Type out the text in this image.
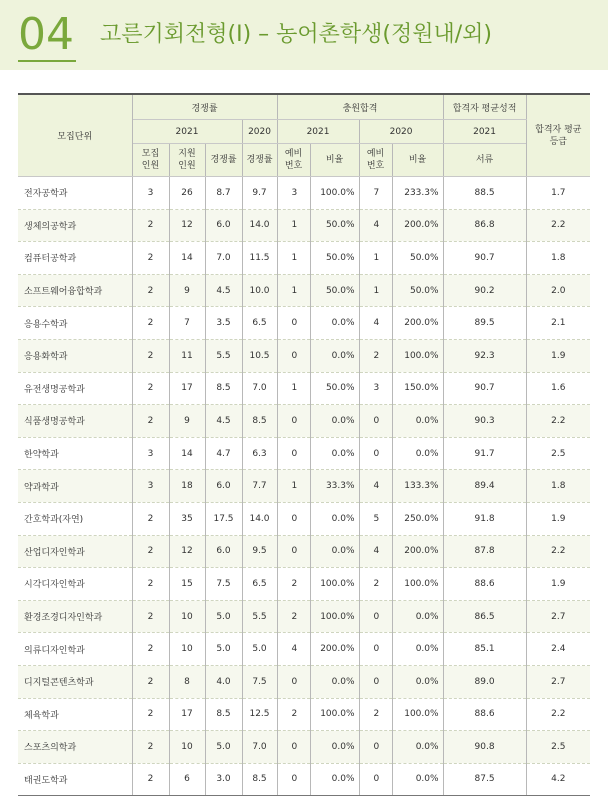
04 고른기회전형(Ⅰ) – 농어촌학생(정원내/외)
모집단위	경쟁률				충원합격				합격자 평균성적	합격자 평균 등급
	2021			2020	2021		2020		2021	
	모집 인원	지원 인원	경쟁률	경쟁률	예비 번호	비율	예비 번호	비율	서류	
전자공학과	3	26	8.7	9.7	3	100.0%	7	233.3%	88.5	1.7
생체의공학과	2	12	6.0	14.0	1	50.0%	4	200.0%	86.8	2.2
컴퓨터공학과	2	14	7.0	11.5	1	50.0%	1	50.0%	90.7	1.8
소프트웨어융합학과	2	9	4.5	10.0	1	50.0%	1	50.0%	90.2	2.0
응용수학과	2	7	3.5	6.5	0	0.0%	4	200.0%	89.5	2.1
응용화학과	2	11	5.5	10.5	0	0.0%	2	100.0%	92.3	1.9
유전생명공학과	2	17	8.5	7.0	1	50.0%	3	150.0%	90.7	1.6
식품생명공학과	2	9	4.5	8.5	0	0.0%	0	0.0%	90.3	2.2
한약학과	3	14	4.7	6.3	0	0.0%	0	0.0%	91.7	2.5
약과학과	3	18	6.0	7.7	1	33.3%	4	133.3%	89.4	1.8
간호학과(자연)	2	35	17.5	14.0	0	0.0%	5	250.0%	91.8	1.9
산업디자인학과	2	12	6.0	9.5	0	0.0%	4	200.0%	87.8	2.2
시각디자인학과	2	15	7.5	6.5	2	100.0%	2	100.0%	88.6	1.9
환경조경디자인학과	2	10	5.0	5.5	2	100.0%	0	0.0%	86.5	2.7
의류디자인학과	2	10	5.0	5.0	4	200.0%	0	0.0%	85.1	2.4
디지털콘텐츠학과	2	8	4.0	7.5	0	0.0%	0	0.0%	89.0	2.7
체육학과	2	17	8.5	12.5	2	100.0%	2	100.0%	88.6	2.2
스포츠의학과	2	10	5.0	7.0	0	0.0%	0	0.0%	90.8	2.5
태권도학과	2	6	3.0	8.5	0	0.0%	0	0.0%	87.5	4.2
